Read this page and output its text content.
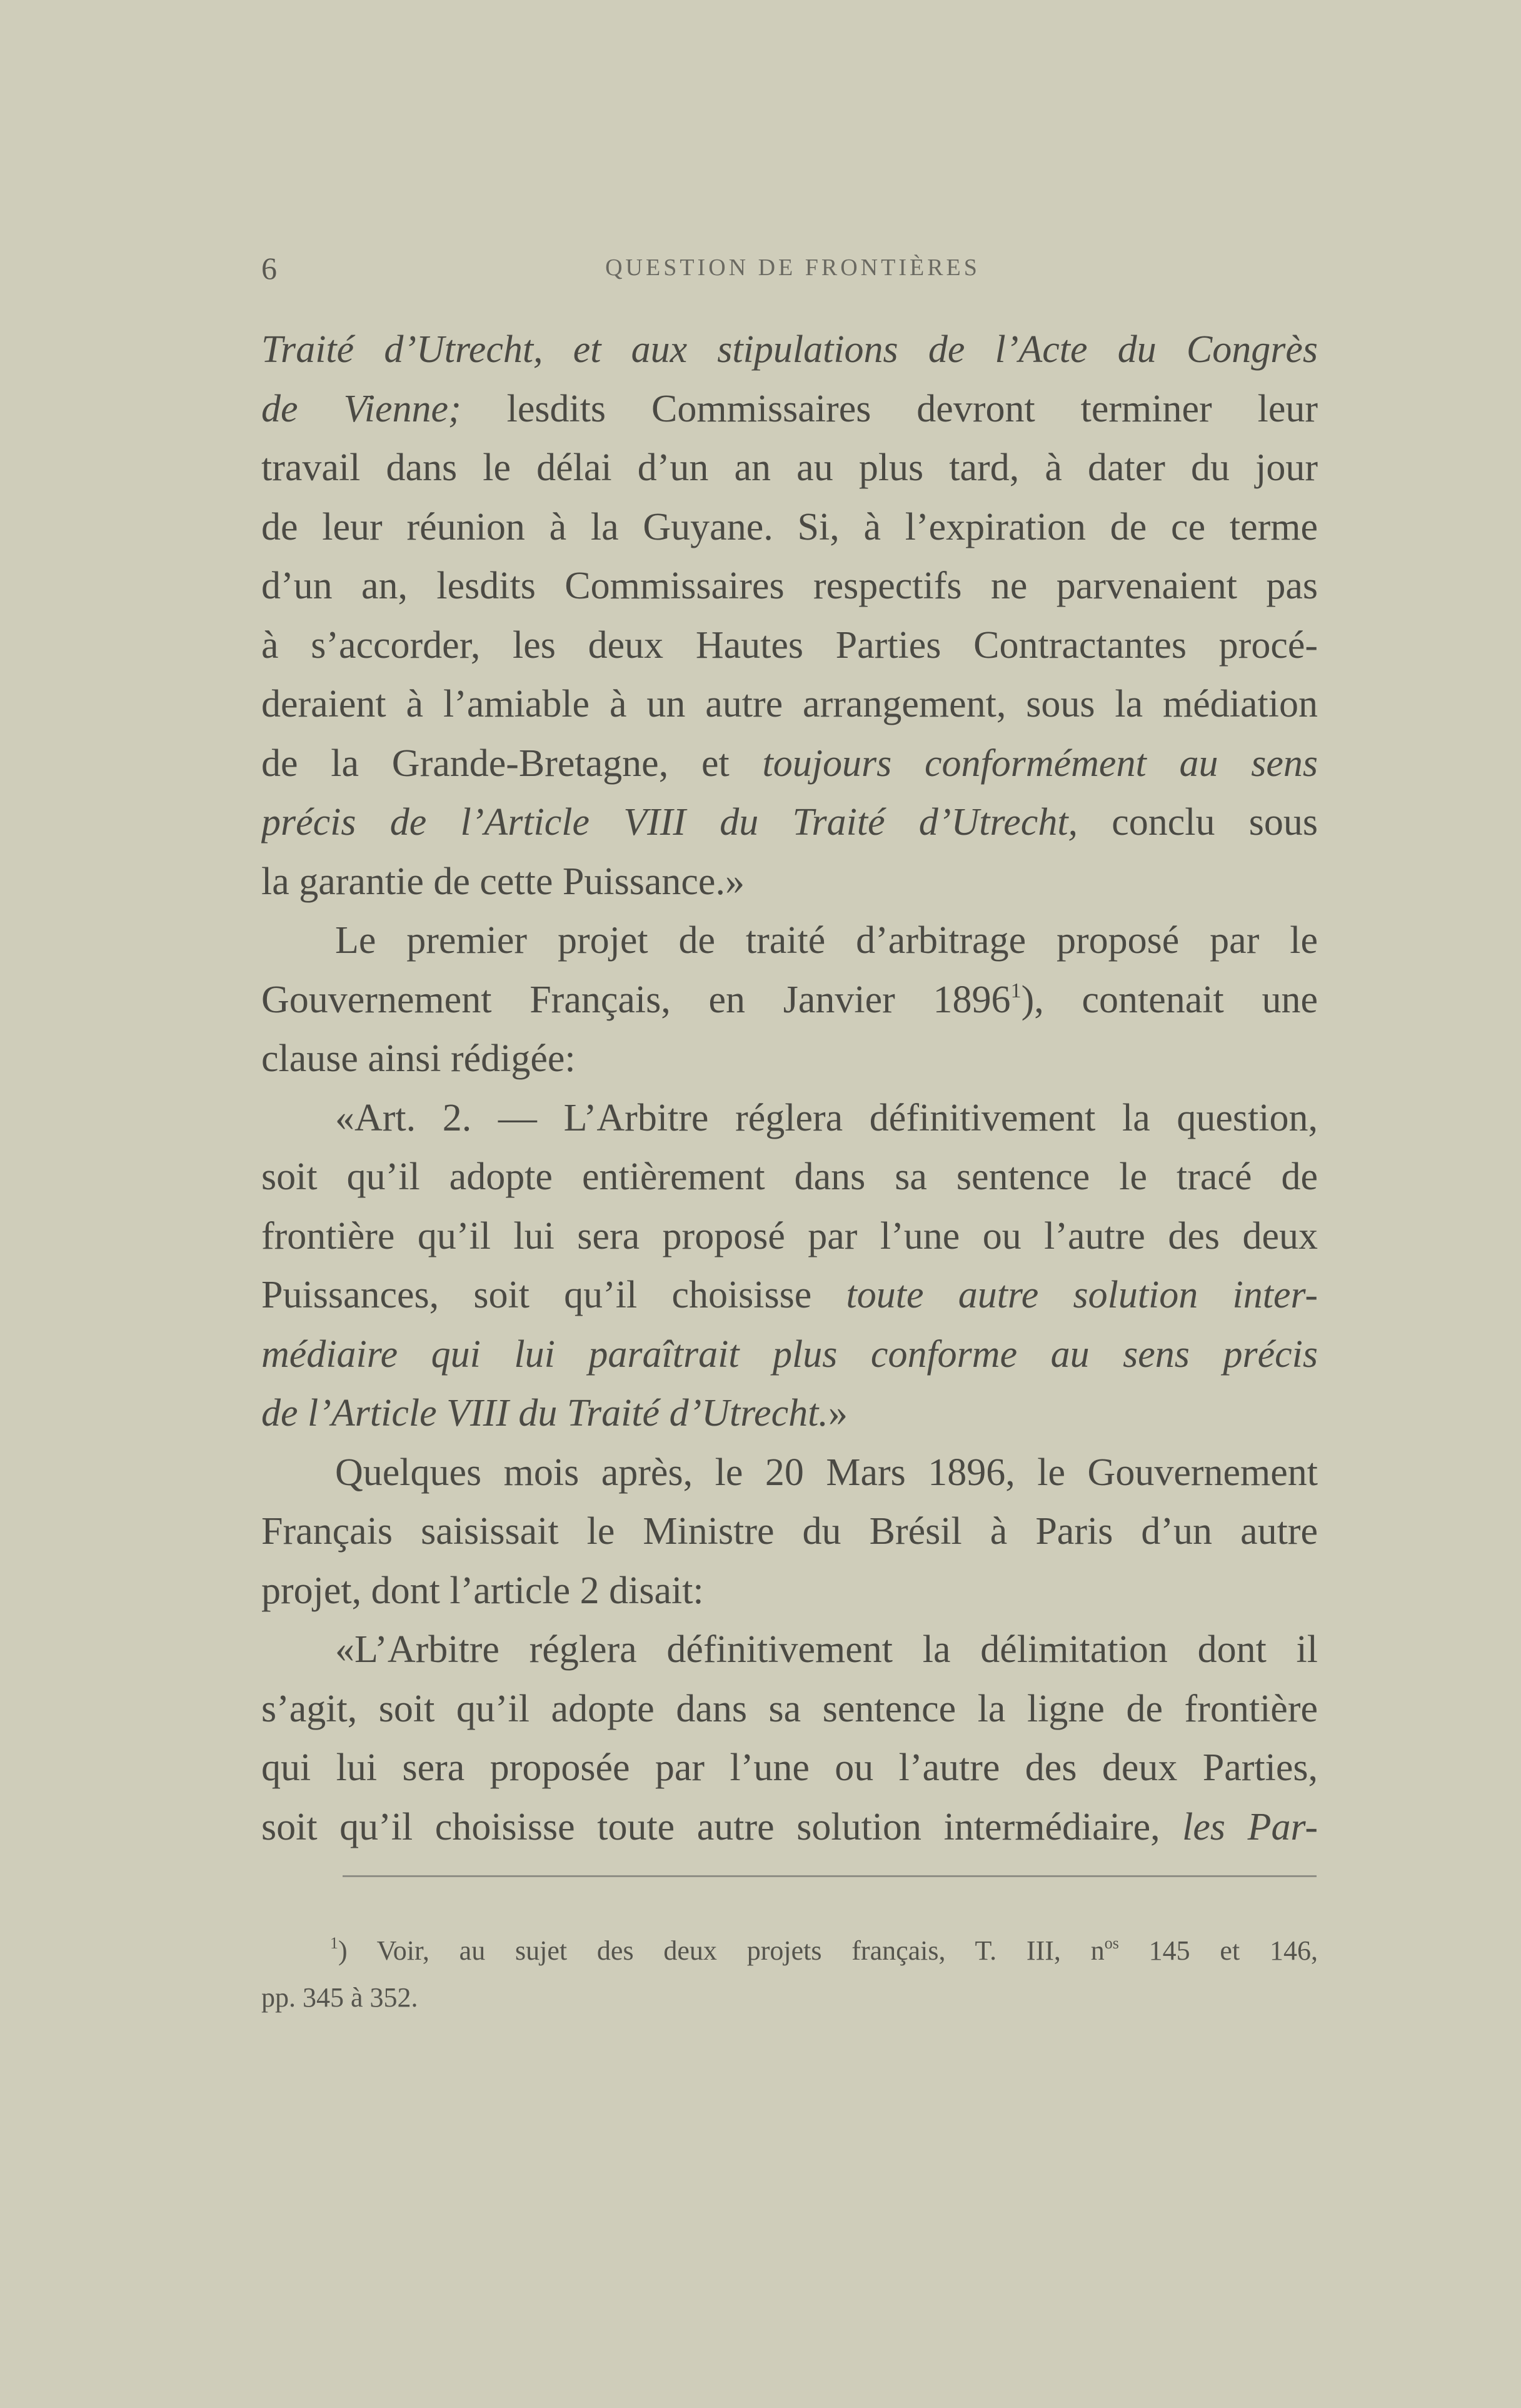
6	QUESTION DE FRONTIÈRES
Traité d’Utrecht, et aux stipulations de l’Acte du Congrès
de Vienne; lesdits Commissaires devront terminer leur
travail dans le délai d’un an au plus tard, à dater du jour
de leur réunion à la Guyane. Si, à l’expiration de ce terme
d’un an, lesdits Commissaires respectifs ne parvenaient pas
à s’accorder, les deux Hautes Parties Contractantes procé-
deraient à l’amiable à un autre arrangement, sous la médiation
de la Grande-Bretagne, et toujours conformément au sens
précis de l’Article VIII du Traité d’Utrecht, conclu sous
la garantie de cette Puissance.»
Le premier projet de traité d’arbitrage proposé par le
Gouvernement Français, en Janvier 1896$^1$), contenait une
clause ainsi rédigée:
«Art. 2. — L’Arbitre réglera définitivement la question,
soit qu’il adopte entièrement dans sa sentence le tracé de
frontière qu’il lui sera proposé par l’une ou l’autre des deux
Puissances, soit qu’il choisisse toute autre solution inter-
médiaire qui lui paraîtrait plus conforme au sens précis
de l’Article VIII du Traité d’Utrecht.»
Quelques mois après, le 20 Mars 1896, le Gouvernement
Français saisissait le Ministre du Brésil à Paris d’un autre
projet, dont l’article 2 disait:
«L’Arbitre réglera définitivement la délimitation dont il
s’agit, soit qu’il adopte dans sa sentence la ligne de frontière
qui lui sera proposée par l’une ou l’autre des deux Parties,
soit qu’il choisisse toute autre solution intermédiaire, les Par-
$^1$) Voir, au sujet des deux projets français, T. III, $n^{os}$ 145 et 146,
pp. 345 à 352.
